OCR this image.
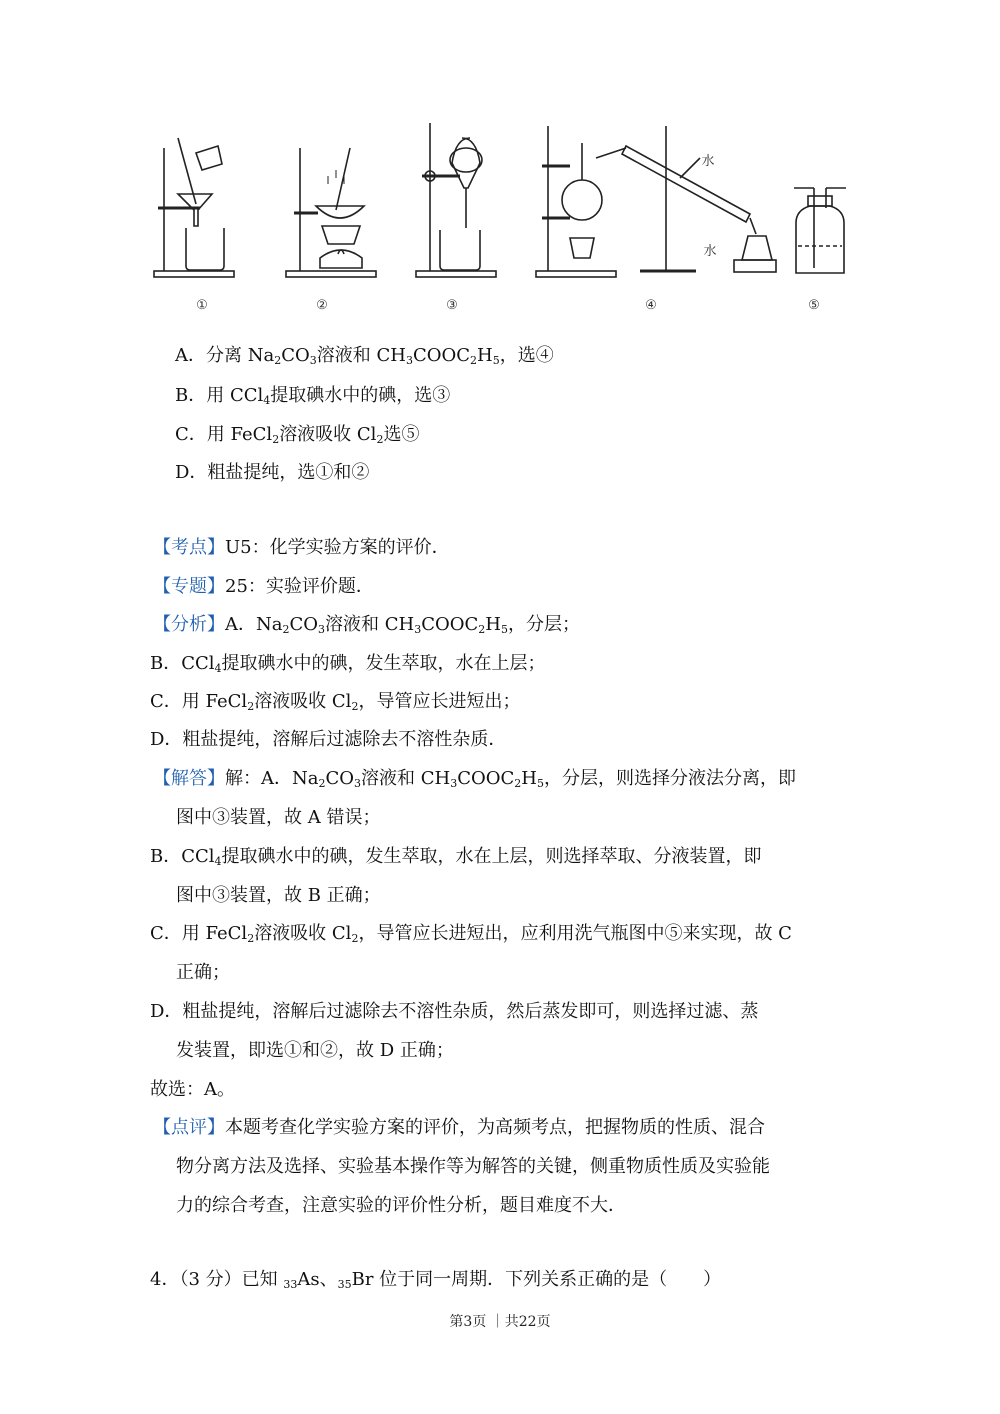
①	②	③	④	⑤
水
水
A．分离 $Na_2CO_3$溶液和 $CH_3COOC_2H_5$，选④
B．用 CCl$_4$提取碘水中的碘，选③
C．用 FeCl$_2$溶液吸收 $Cl_2$选⑤
D．粗盐提纯，选①和②
【考点】U5：化学实验方案的评价．
【专题】25：实验评价题．
【分析】A．$Na_2CO_3$溶液和 $CH_3COOC_2H_5$，分层；
B．CCl$_4$提取碘水中的碘，发生萃取，水在上层；
C．用 FeCl$_2$溶液吸收 $Cl_2$，导管应长进短出；
D．粗盐提纯，溶解后过滤除去不溶性杂质．
【解答】解：A．$Na_2CO_3$溶液和 $CH_3COOC_2H_5$，分层，则选择分液法分离，即
图中③装置，故 A 错误；
B．CCl$_4$提取碘水中的碘，发生萃取，水在上层，则选择萃取、分液装置，即
图中③装置，故 B 正确；
C．用 FeCl$_2$溶液吸收 $Cl_2$，导管应长进短出，应利用洗气瓶图中⑤来实现，故 C
正确；
D．粗盐提纯，溶解后过滤除去不溶性杂质，然后蒸发即可，则选择过滤、蒸
发装置，即选①和②，故 D 正确；
故选：A。
【点评】本题考查化学实验方案的评价，为高频考点，把握物质的性质、混合
物分离方法及选择、实验基本操作等为解答的关键，侧重物质性质及实验能
力的综合考查，注意实验的评价性分析，题目难度不大．
4．（3 分）已知 $_{33}$As、$_{35}$Br 位于同一周期．下列关系正确的是（　　）
第3页 ｜共22页
